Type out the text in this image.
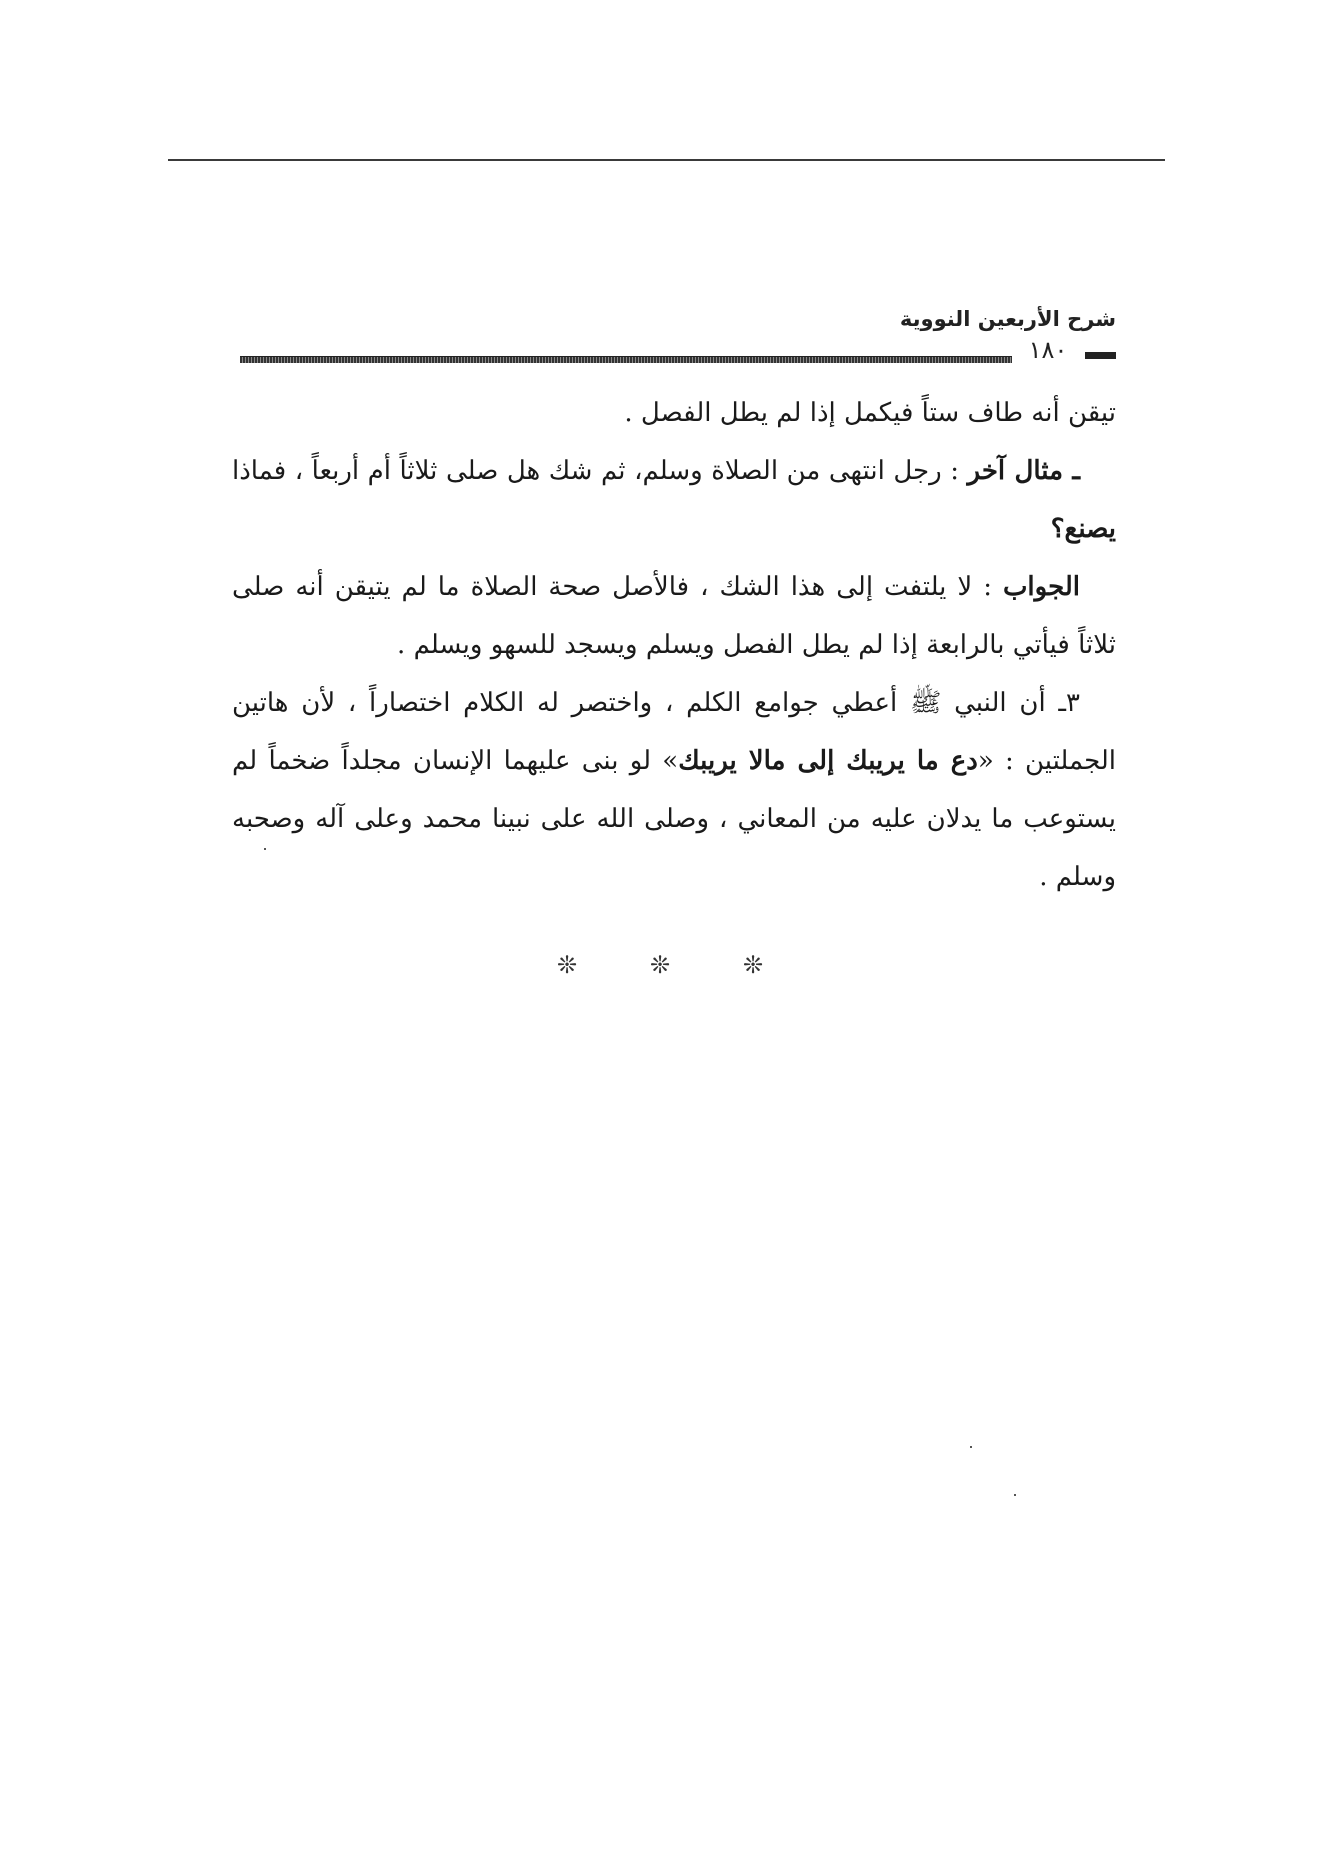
شرح الأربعين النووية
١٨٠

تيقن أنه طاف ستاً فيكمل إذا لم يطل الفصل .

ـ مثال آخر : رجل انتهى من الصلاة وسلم، ثم شك هل صلى ثلاثاً أم أربعاً ، فماذا يصنع؟

الجواب : لا يلتفت إلى هذا الشك ، فالأصل صحة الصلاة ما لم يتيقن أنه صلى ثلاثاً فيأتي بالرابعة إذا لم يطل الفصل ويسلم ويسجد للسهو ويسلم .

٣ـ أن النبي ﷺ أعطي جوامع الكلم ، واختصر له الكلام اختصاراً ، لأن هاتين الجملتين : «دع ما يريبك إلى مالا يريبك» لو بنى عليهما الإنسان مجلداً ضخماً لم يستوعب ما يدلان عليه من المعاني ، وصلى الله على نبينا محمد وعلى آله وصحبه وسلم .

❊	❊	❊
